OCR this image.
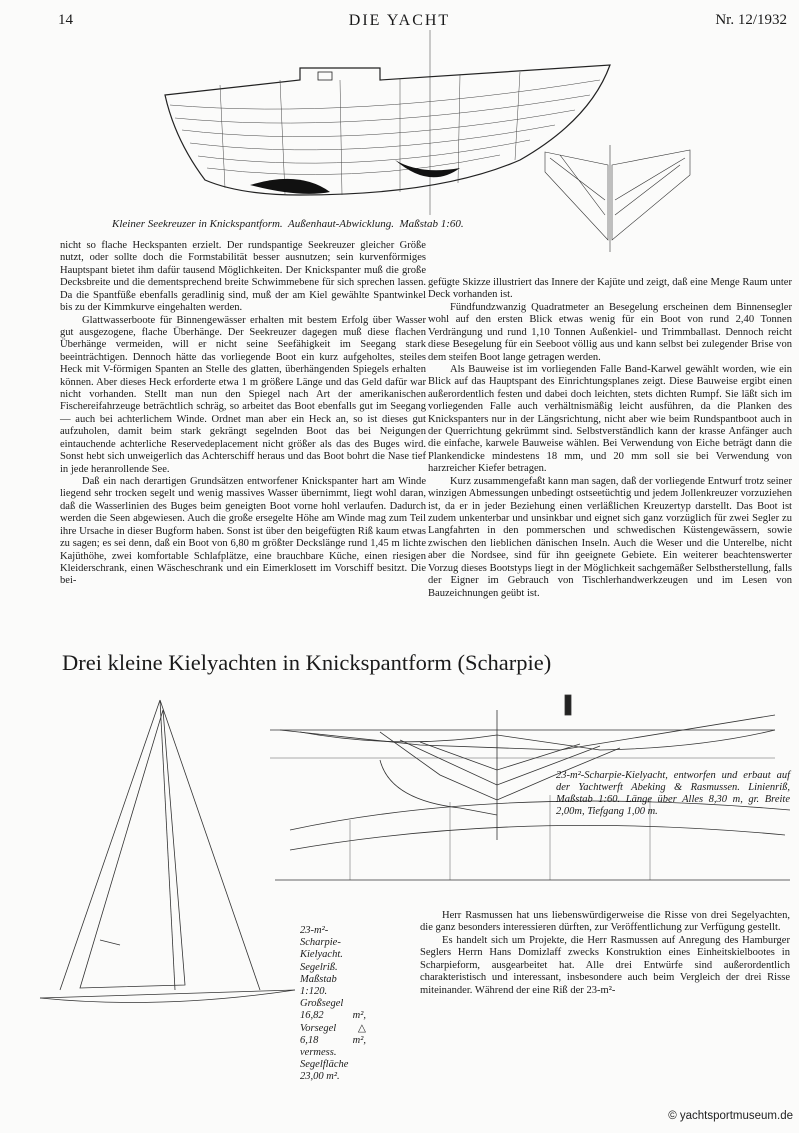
14	DIE YACHT	Nr. 12/1932
Kleiner Seekreuzer in Knickspantform.  Außenhaut-Abwicklung.  Maßstab 1:60.

nicht so flache Heckspanten erzielt. Der rundspantige Seekreuzer gleicher Größe nutzt, oder sollte doch die Formstabilität besser ausnutzen; sein kurvenförmiges Hauptspant bietet ihm dafür tausend Möglichkeiten. Der Knickspanter muß die große Decksbreite und die dementsprechend breite Schwimmebene für sich sprechen lassen. Da die Spantfüße ebenfalls geradlinig sind, muß der am Kiel gewählte Spantwinkel bis zu der Kimmkurve eingehalten werden.

Glattwasserboote für Binnengewässer erhalten mit bestem Erfolg über Wasser gut ausgezogene, flache Überhänge. Der Seekreuzer dagegen muß diese flachen Überhänge vermeiden, will er nicht seine Seefähigkeit im Seegang stark beeinträchtigen. Dennoch hätte das vorliegende Boot ein kurz aufgeholtes, steiles Heck mit V-förmigen Spanten an Stelle des glatten, überhängenden Spiegels erhalten können. Aber dieses Heck erforderte etwa 1 m größere Länge und das Geld dafür war nicht vorhanden. Stellt man nun den Spiegel nach Art der amerikanischen Fischereifahrzeuge beträchtlich schräg, so arbeitet das Boot ebenfalls gut im Seegang — auch bei achterlichem Winde. Ordnet man aber ein Heck an, so ist dieses gut aufzuholen, damit beim stark gekrängt segelnden Boot das bei Neigungen eintauchende achterliche Reservedeplacement nicht größer als das des Buges wird. Sonst hebt sich unweigerlich das Achterschiff heraus und das Boot bohrt die Nase tief in jede heranrollende See.

Daß ein nach derartigen Grundsätzen entworfener Knickspanter hart am Winde liegend sehr trocken segelt und wenig massives Wasser übernimmt, liegt wohl daran, daß die Wasserlinien des Buges beim geneigten Boot vorne hohl verlaufen. Dadurch werden die Seen abgewiesen. Auch die große ersegelte Höhe am Winde mag zum Teil ihre Ursache in dieser Bugform haben. Sonst ist über den beigefügten Riß kaum etwas zu sagen; es sei denn, daß ein Boot von 6,80 m größter Deckslänge rund 1,45 m lichte Kajüthöhe, zwei komfortable Schlafplätze, eine brauchbare Küche, einen riesigen Kleiderschrank, einen Wäscheschrank und ein Eimerklosett im Vorschiff besitzt. Die bei-

gefügte Skizze illustriert das Innere der Kajüte und zeigt, daß eine Menge Raum unter Deck vorhanden ist.

Fündfundzwanzig Quadratmeter an Besegelung erscheinen dem Binnensegler wohl auf den ersten Blick etwas wenig für ein Boot von rund 2,40 Tonnen Verdrängung und rund 1,10 Tonnen Außenkiel- und Trimmballast. Dennoch reicht diese Besegelung für ein Seeboot völlig aus und kann selbst bei zulegender Brise von dem steifen Boot lange getragen werden.

Als Bauweise ist im vorliegenden Falle Band-Karwel gewählt worden, wie ein Blick auf das Hauptspant des Einrichtungsplanes zeigt. Diese Bauweise ergibt einen außerordentlich festen und dabei doch leichten, stets dichten Rumpf. Sie läßt sich im vorliegenden Falle auch verhältnismäßig leicht ausführen, da die Planken des Knickspanters nur in der Längsrichtung, nicht aber wie beim Rundspantboot auch in der Querrichtung gekrümmt sind. Selbstverständlich kann der krasse Anfänger auch die einfache, karwele Bauweise wählen. Bei Verwendung von Eiche beträgt dann die Plankendicke mindestens 18 mm, und 20 mm soll sie bei Verwendung von harzreicher Kiefer betragen.

Kurz zusammengefaßt kann man sagen, daß der vorliegende Entwurf trotz seiner winzigen Abmessungen unbedingt ostseetüchtig und jedem Jollenkreuzer vorzuziehen ist, da er in jeder Beziehung einen verläßlichen Kreuzertyp darstellt. Das Boot ist zudem unkenterbar und unsinkbar und eignet sich ganz vorzüglich für zwei Segler zu Langfahrten in den pommerschen und schwedischen Küstengewässern, sowie zwischen den lieblichen dänischen Inseln. Auch die Weser und die Unterelbe, nicht aber die Nordsee, sind für ihn geeignete Gebiete. Ein weiterer beachtenswerter Vorzug dieses Bootstyps liegt in der Möglichkeit sachgemäßer Selbstherstellung, falls der Eigner im Gebrauch von Tischlerhandwerkzeugen und im Lesen von Bauzeichnungen geübt ist.

Drei kleine Kielyachten in Knickspantform (Scharpie)
23-m²-Scharpie-Kielyacht, entworfen und erbaut auf der Yachtwerft Abeking & Rasmussen. Linienriß, Maßstab 1:60. Länge über Alles 8,30 m, gr. Breite 2,00m, Tiefgang 1,00 m.
23-m²-Scharpie-Kielyacht. Segelriß. Maßstab 1:120. Großsegel 16,82 m², Vorsegel △ 6,18 m², vermess. Segelfläche 23,00 m².

Herr Rasmussen hat uns liebenswürdigerweise die Risse von drei Segelyachten, die ganz besonders interessieren dürften, zur Veröffentlichung zur Verfügung gestellt.

Es handelt sich um Projekte, die Herr Rasmussen auf Anregung des Hamburger Seglers Herrn Hans Domizlaff zwecks Konstruktion eines Einheitskielbootes in Scharpieform, ausgearbeitet hat. Alle drei Entwürfe sind außerordentlich charakteristisch und interessant, insbesondere auch beim Vergleich der drei Risse miteinander. Während der eine Riß der 23-m²-

© yachtsportmuseum.de
